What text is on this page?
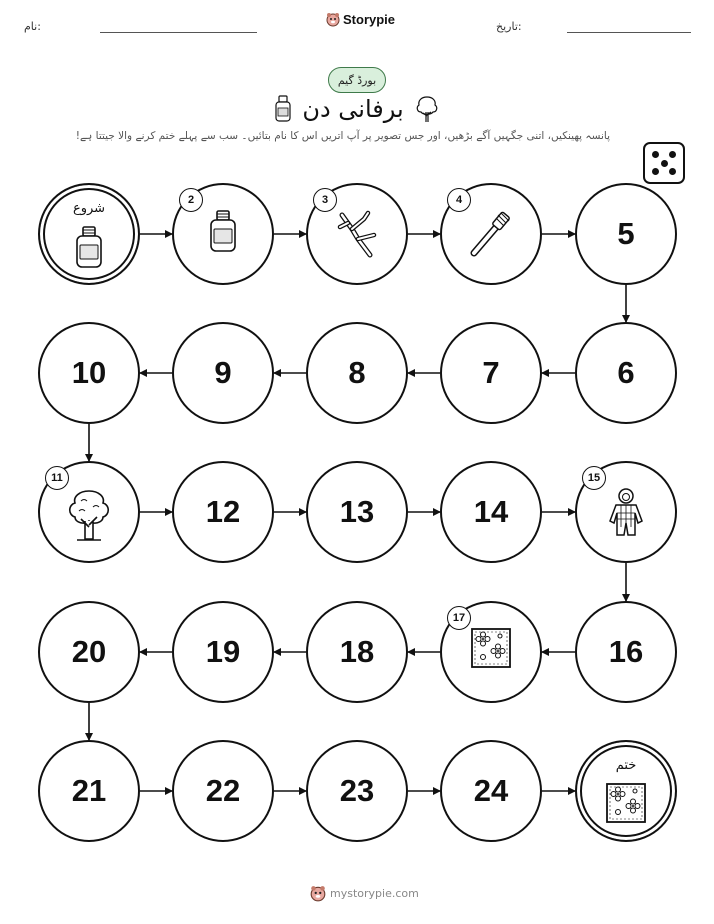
نام:	Storypie	تاریخ:
بورڈ گیم
برفانی دن
پانسہ پھینکیں، اتنی جگہیں آگے بڑھیں، اور جس تصویر پر آپ اتریں اس کا نام بتائیں۔ سب سے پہلے ختم کرنے والا جیتتا ہے!
شروع
2	3	4
5
6
7
8
9
10
11
12	13	14
15
16
17
18
19
20
21	22	23	24
ختم
mystorypie.com
